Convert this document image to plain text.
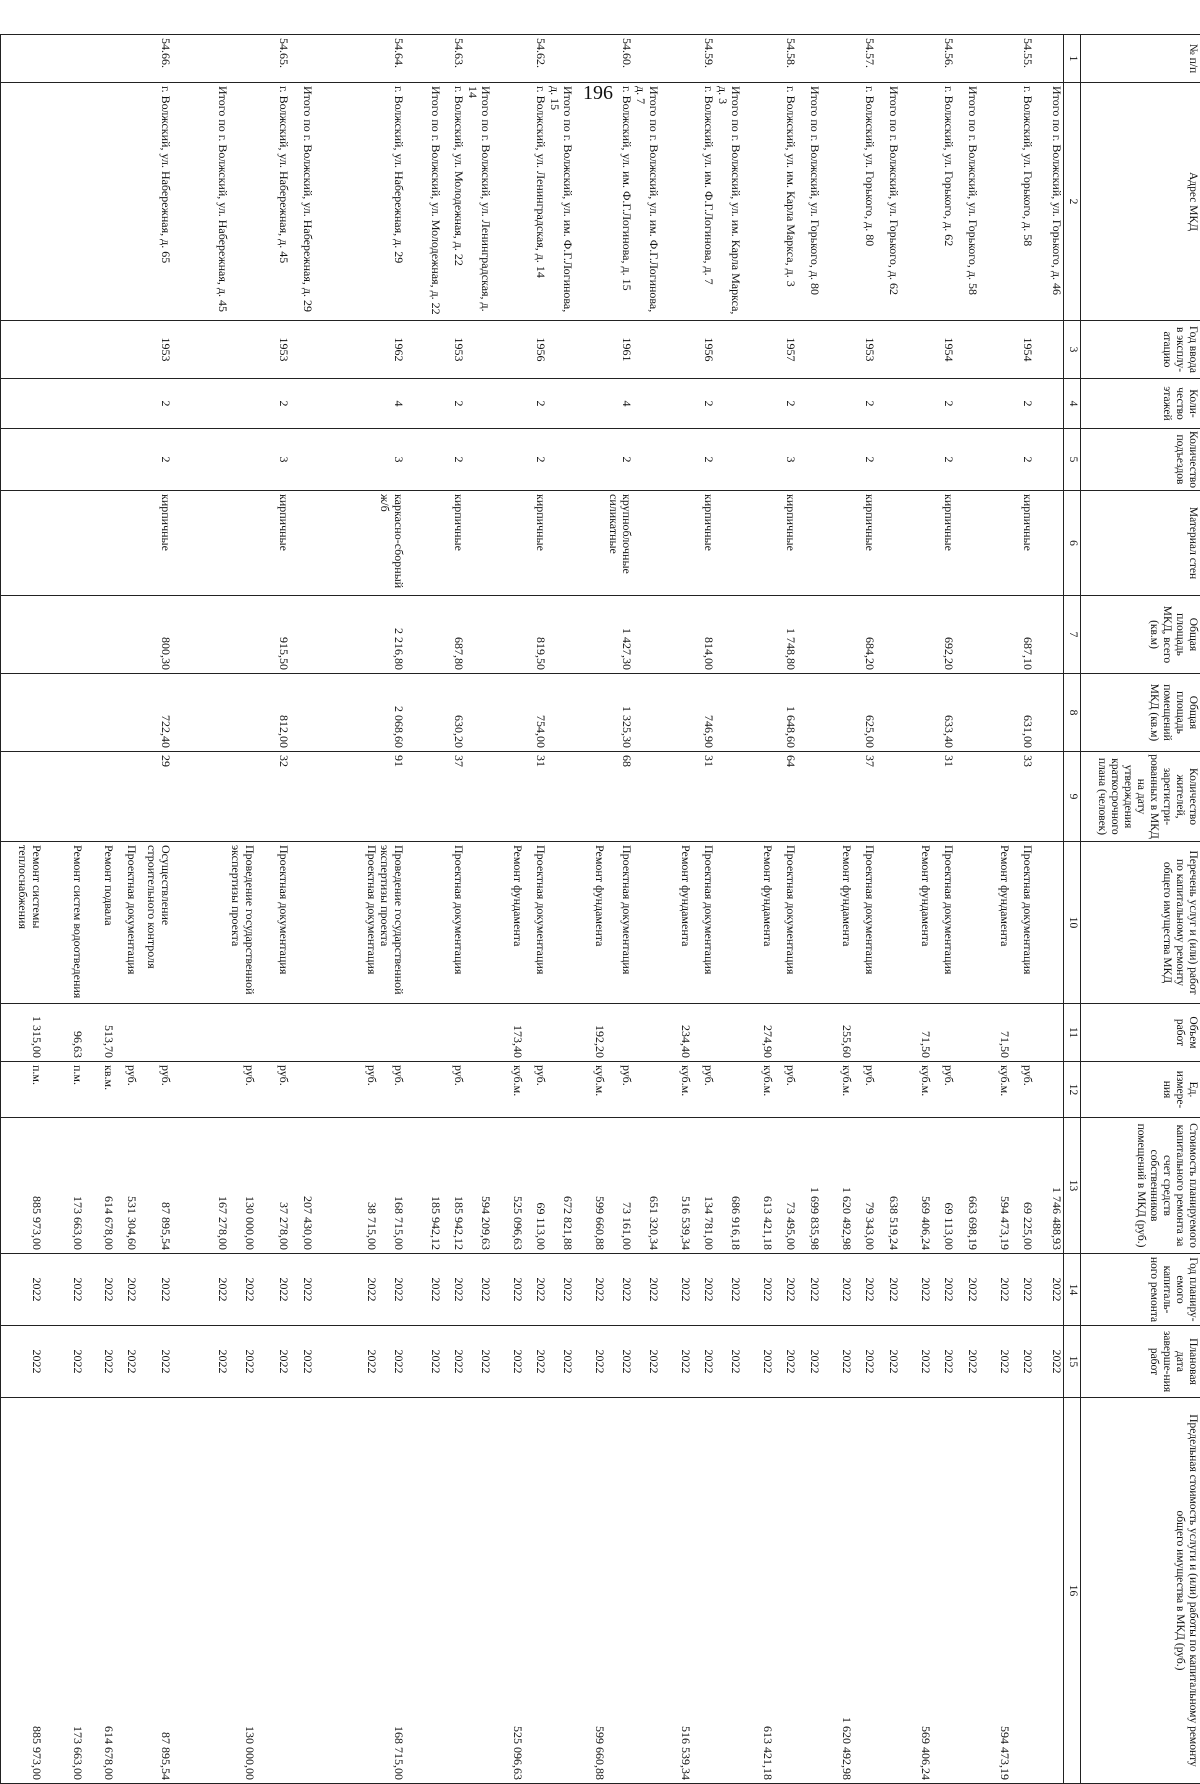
196
№ п/п	Адрес МКД	Год ввода в эксплу-атацию	Коли-чество этажей	Количество подъездов	Материал стен	Общая площадь МКД, всего (кв.м)	Общая площадь помещений МКД (кв.м)	Количество жителей, зарегистри-рованных в МКД на дату утверждения краткосрочного плана (человек)	Перечень услуг и (или) работ по капитальному ремонту общего имущества МКД	Объем работ	Ед. измере-ния	Стоимость планируемого капитального ремонта за счет средств собственников помещений в МКД (руб.)	Год планиру-емого капиталь-ного ремонта	Плановая дата заверше-ния работ	Предельная стоимость услуги и (или) работы по капитальному ремонту общего имущества в МКД (руб.)
1	2	3	4	5	6	7	8	9	10	11	12	13	14	15	16
	Итого по г. Волжский, ул. Горького, д. 46											1 746 488,93	2022	2022	
54.55.	г. Волжский, ул. Горького, д. 58	1954	2	2	кирпичные	687,10	631,00	33	Проектная документация		руб.	69 225,00	2022	2022	
									Ремонт фундамента	71,50	куб.м.	594 473,19	2022	2022	594 473,19
	Итого по г. Волжский, ул. Горького, д. 58											663 698,19	2022	2022	
54.56.	г. Волжский, ул. Горького, д. 62	1954	2	2	кирпичные	692,20	633,40	31	Проектная документация		руб.	69 113,00	2022	2022	
									Ремонт фундамента	71,50	куб.м.	569 406,24	2022	2022	569 406,24
	Итого по г. Волжский, ул. Горького, д. 62											638 519,24	2022	2022	
54.57.	г. Волжский, ул. Горького, д. 80	1953	2	2	кирпичные	684,20	625,00	37	Проектная документация		руб.	79 343,00	2022	2022	
									Ремонт фундамента	255,60	куб.м.	1 620 492,98	2022	2022	1 620 492,98
	Итого по г. Волжский, ул. Горького, д. 80											1 699 835,98	2022	2022	
54.58.	г. Волжский, ул. им. Карла Маркса, д. 3	1957	2	3	кирпичные	1 748,80	1 648,60	64	Проектная документация		руб.	73 495,00	2022	2022	
									Ремонт фундамента	274,90	куб.м.	613 421,18	2022	2022	613 421,18
	Итого по г. Волжский, ул. им. Карла Маркса, д. 3											686 916,18	2022	2022	
54.59.	г. Волжский, ул. им. Ф.Г.Логинова, д. 7	1956	2	2	кирпичные	814,00	746,90	31	Проектная документация		руб.	134 781,00	2022	2022	
									Ремонт фундамента	234,40	куб.м.	516 539,34	2022	2022	516 539,34
	Итого по г. Волжский, ул. им. Ф.Г.Логинова, д. 7											651 320,34	2022	2022	
54.60.	г. Волжский, ул. им. Ф.Г.Логинова, д. 15	1961	4	2	крупноблочные силикатные	1 427,30	1 325,30	68	Проектная документация		руб.	73 161,00	2022	2022	
									Ремонт фундамента	192,20	куб.м.	599 660,88	2022	2022	599 660,88
	Итого по г. Волжский, ул. им. Ф.Г.Логинова, д. 15											672 821,88	2022	2022	
54.62.	г. Волжский, ул. Ленинградская, д. 14	1956	2	2	кирпичные	819,50	754,00	31	Проектная документация		руб.	69 113,00	2022	2022	
									Ремонт фундамента	173,40	куб.м.	525 096,63	2022	2022	525 096,63
	Итого по г. Волжский, ул. Ленинградская, д. 14											594 209,63	2022	2022	
54.63.	г. Волжский, ул. Молодежная, д. 22	1953	2	2	кирпичные	687,80	630,20	37	Проектная документация		руб.	185 942,12	2022	2022	
	Итого по г. Волжский, ул. Молодежная, д. 22											185 942,12	2022	2022	
54.64.	г. Волжский, ул. Набережная, д. 29	1962	4	3	каркасно-сборный ж/б	2 216,80	2 068,60	91	Проведение государственной экспертизы проекта		руб.	168 715,00	2022	2022	168 715,00
									Проектная документация		руб.	38 715,00	2022	2022	
	Итого по г. Волжский, ул. Набережная, д. 29											207 430,00	2022	2022	
54.65.	г. Волжский, ул. Набережная, д. 45	1953	2	3	кирпичные	915,50	812,00	32	Проектная документация		руб.	37 278,00	2022	2022	
									Проведение государственной экспертизы проекта		руб.	130 000,00	2022	2022	130 000,00
	Итого по г. Волжский, ул. Набережная, д. 45											167 278,00	2022	2022	
54.66.	г. Волжский, ул. Набережная, д. 65	1953	2	2	кирпичные	800,30	722,40	29	Осуществление строительного контроля		руб.	87 895,54	2022	2022	87 895,54
									Проектная документация		руб.	531 304,60	2022	2022	
									Ремонт подвала	513,70	кв.м.	614 678,00	2022	2022	614 678,00
									Ремонт систем водоотведения	96,63	п.м.	173 663,00	2022	2022	173 663,00
									Ремонт системы теплоснабжения	1 315,00	п.м.	885 973,00	2022	2022	885 973,00
